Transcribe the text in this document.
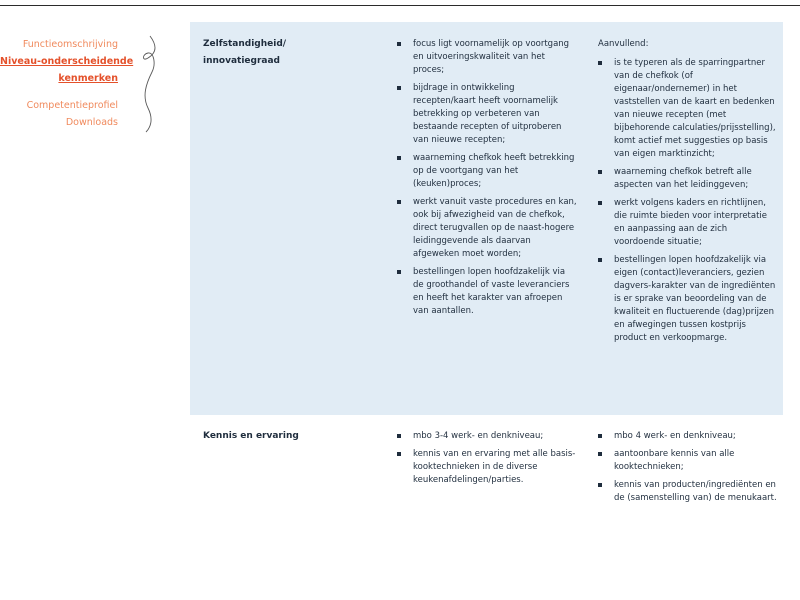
Functieomschrijving
Niveau-onderscheidende
kenmerken
Competentieprofiel
Downloads
Zelfstandigheid/
innovatiegraad
focus ligt voornamelijk op voortgang en uitvoeringskwaliteit van het proces;
bijdrage in ontwikkeling recepten/kaart heeft voornamelijk betrekking op verbeteren van bestaande recepten of uitproberen van nieuwe recepten;
waarneming chefkok heeft betrekking op de voortgang van het (keuken)proces;
werkt vanuit vaste procedures en kan, ook bij afwezigheid van de chefkok, direct terugvallen op de naast-hogere leidinggevende als daarvan afgeweken moet worden;
bestellingen lopen hoofdzakelijk via de groothandel of vaste leveranciers en heeft het karakter van afroepen van aantallen.
Aanvullend:
is te typeren als de sparringpartner van de chefkok (of eigenaar/ondernemer) in het vaststellen van de kaart en bedenken van nieuwe recepten (met bijbehorende calculaties/prijsstelling), komt actief met suggesties op basis van eigen marktinzicht;
waarneming chefkok betreft alle aspecten van het leidinggeven;
werkt volgens kaders en richtlijnen, die ruimte bieden voor interpretatie en aanpassing aan de zich voordoende situatie;
bestellingen lopen hoofdzakelijk via eigen (contact)leveranciers, gezien dagvers-karakter van de ingrediënten is er sprake van beoordeling van de kwaliteit en fluctuerende (dag)prijzen en afwegingen tussen kostprijs product en verkoopmarge.
Kennis en ervaring	mbo 3-4 werk- en denkniveau;
kennis van en ervaring met alle basis-kooktechnieken in de diverse keukenafdelingen/parties.
mbo 4 werk- en denkniveau;
aantoonbare kennis van alle kooktechnieken;
kennis van producten/ingrediënten en de (samenstelling van) de menukaart.
